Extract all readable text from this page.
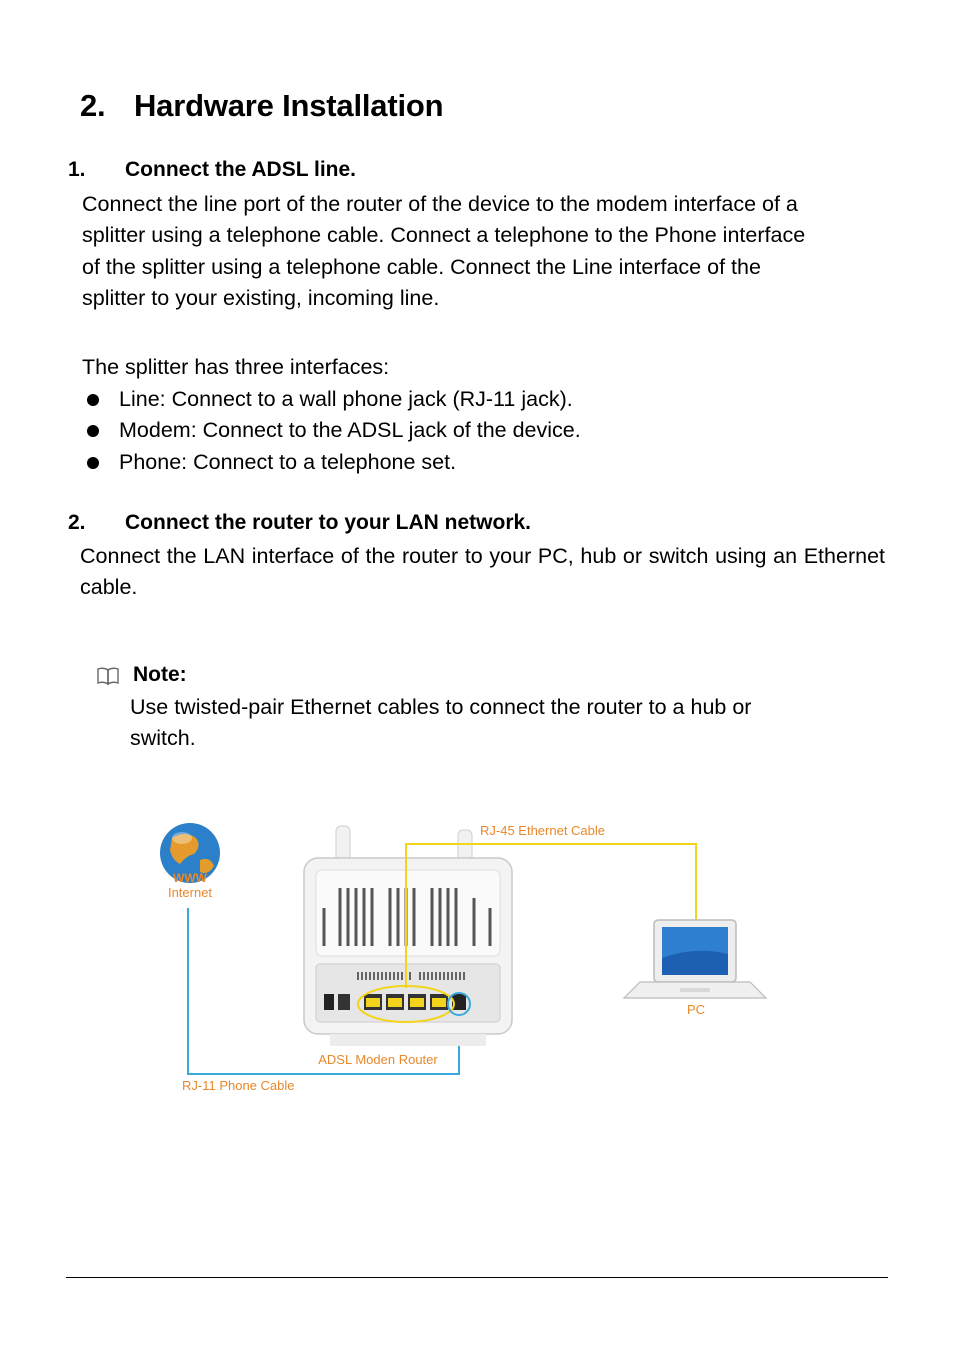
2. Hardware Installation
1. Connect the ADSL line.
Connect the line port of the router of the device to the modem interface of a
splitter using a telephone cable. Connect a telephone to the Phone interface
of the splitter using a telephone cable. Connect the Line interface of the
splitter to your existing, incoming line.
The splitter has three interfaces:
Line: Connect to a wall phone jack (RJ-11 jack).
Modem: Connect to the ADSL jack of the device.
Phone: Connect to a telephone set.
2. Connect the router to your LAN network.
Connect the LAN interface of the router to your PC, hub or switch using an Ethernet cable.
Note:
Use twisted-pair Ethernet cables to connect the router to a hub or
switch.
WWW
Internet
RJ-11 Phone Cable
ADSL Moden Router
RJ-45 Ethernet Cable
PC
